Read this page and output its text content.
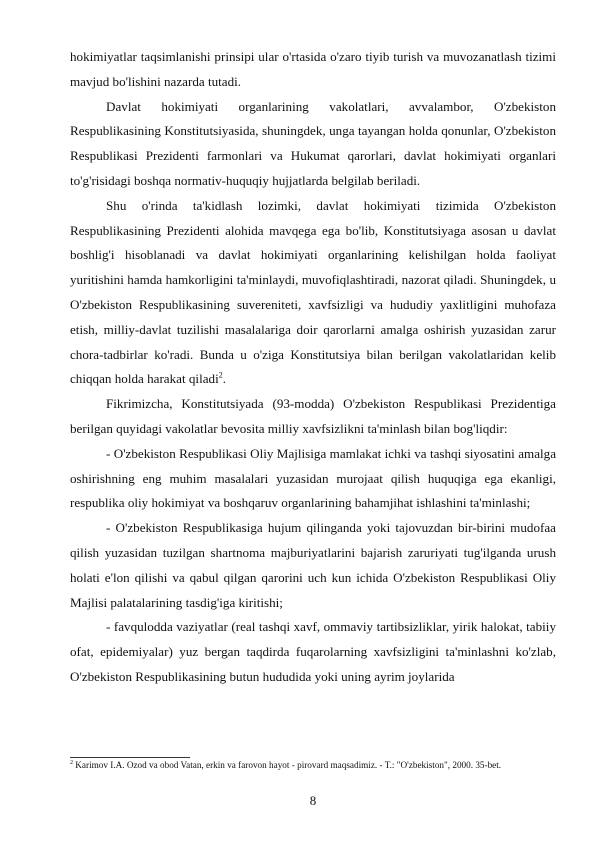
hokimiyatlar taqsimlanishi prinsipi ular o'rtasida o'zaro tiyib turish va muvozanatlash tizimi mavjud bo'lishini nazarda tutadi.

Davlat hokimiyati organlarining vakolatlari, avvalambor, O'zbekiston Respublikasining Konstitutsiyasida, shuningdek, unga tayangan holda qonunlar, O'zbekiston Respublikasi Prezidenti farmonlari va Hukumat qarorlari, davlat hokimiyati organlari to'g'risidagi boshqa normativ-huquqiy hujjatlarda belgilab beriladi.

Shu o'rinda ta'kidlash lozimki, davlat hokimiyati tizimida O'zbekiston Respublikasining Prezidenti alohida mavqega ega bo'lib, Konstitutsiyaga asosan u davlat boshlig'i hisoblanadi va davlat hokimiyati organlarining kelishilgan holda faoliyat yuritishini hamda hamkorligini ta'minlaydi, muvofiqlashtiradi, nazorat qiladi. Shuningdek, u O'zbekiston Respublikasining suvereniteti, xavfsizligi va hududiy yaxlitligini muhofaza etish, milliy-davlat tuzilishi masalalariga doir qarorlarni amalga oshirish yuzasidan zarur chora-tadbirlar ko'radi. Bunda u o'ziga Konstitutsiya bilan berilgan vakolatlaridan kelib chiqqan holda harakat qiladi$^2$.

Fikrimizcha, Konstitutsiyada (93-modda) O'zbekiston Respublikasi Prezidentiga berilgan quyidagi vakolatlar bevosita milliy xavfsizlikni ta'minlash bilan bog'liqdir:

- O'zbekiston Respublikasi Oliy Majlisiga mamlakat ichki va tashqi siyosatini amalga oshirishning eng muhim masalalari yuzasidan murojaat qilish huquqiga ega ekanligi, respublika oliy hokimiyat va boshqaruv organlarining bahamjihat ishlashini ta'minlashi;

- O'zbekiston Respublikasiga hujum qilinganda yoki tajovuzdan bir-birini mudofaa qilish yuzasidan tuzilgan shartnoma majburiyatlarini bajarish zaruriyati tug'ilganda urush holati e'lon qilishi va qabul qilgan qarorini uch kun ichida O'zbekiston Respublikasi Oliy Majlisi palatalarining tasdig'iga kiritishi;

- favqulodda vaziyatlar (real tashqi xavf, ommaviy tartibsizliklar, yirik halokat, tabiiy ofat, epidemiyalar) yuz bergan taqdirda fuqarolarning xavfsizligini ta'minlashni ko'zlab, O'zbekiston Respublikasining butun hududida yoki uning ayrim joylarida

$^2$ Karimov I.A. Ozod va obod Vatan, erkin va farovon hayot - pirovard maqsadimiz. - T.: "O'zbekiston", 2000. 35-bet.

8
